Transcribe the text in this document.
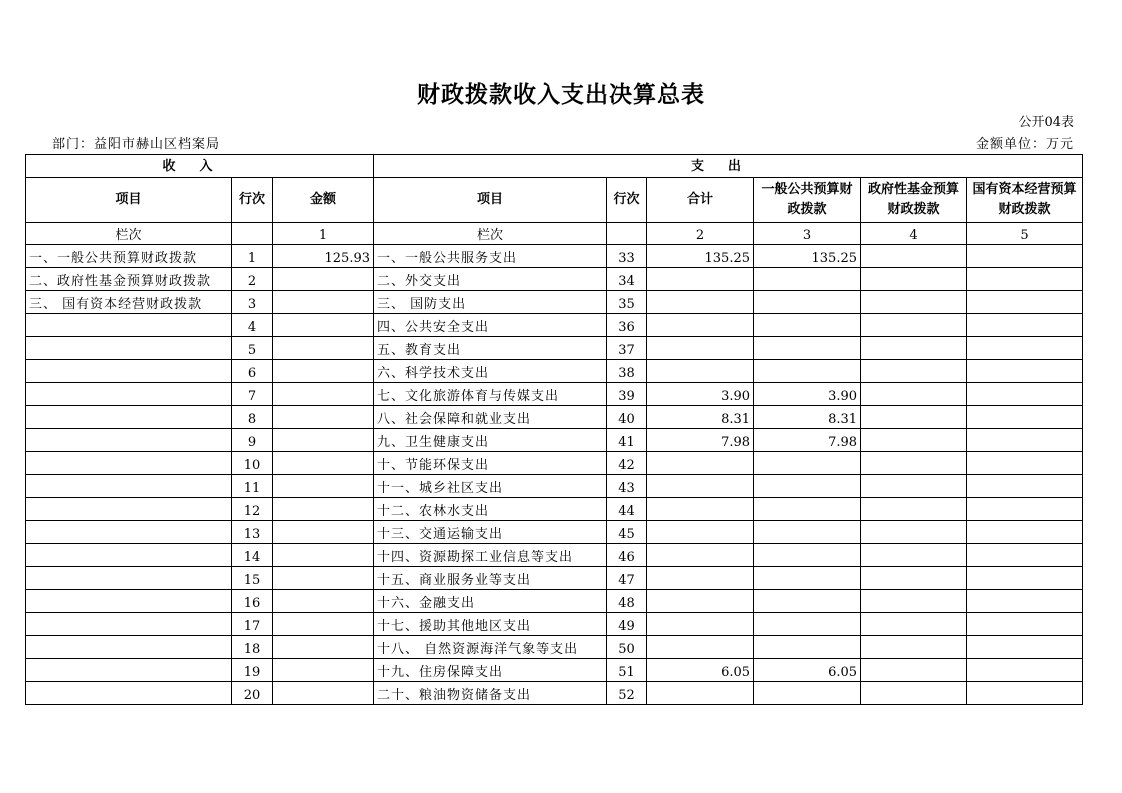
财政拨款收入支出决算总表
公开04表
部门：益阳市赫山区档案局	金额单位：万元
收入			支出					
项目	行次	金额	项目	行次	合计	一般公共预算财政拨款	政府性基金预算财政拨款	国有资本经营预算财政拨款
栏次		1	栏次		2	3	4	5
一、一般公共预算财政拨款	1	125.93	一、一般公共服务支出	33	135.25	135.25		
二、政府性基金预算财政拨款	2		二、外交支出	34				
三、 国有资本经营财政拨款	3		三、 国防支出	35				
	4		四、公共安全支出	36				
	5		五、教育支出	37				
	6		六、科学技术支出	38				
	7		七、文化旅游体育与传媒支出	39	3.90	3.90		
	8		八、社会保障和就业支出	40	8.31	8.31		
	9		九、卫生健康支出	41	7.98	7.98		
	10		十、节能环保支出	42				
	11		十一、城乡社区支出	43				
	12		十二、农林水支出	44				
	13		十三、交通运输支出	45				
	14		十四、资源勘探工业信息等支出	46				
	15		十五、商业服务业等支出	47				
	16		十六、金融支出	48				
	17		十七、援助其他地区支出	49				
	18		十八、 自然资源海洋气象等支出	50				
	19		十九、住房保障支出	51	6.05	6.05		
	20		二十、粮油物资储备支出	52				
